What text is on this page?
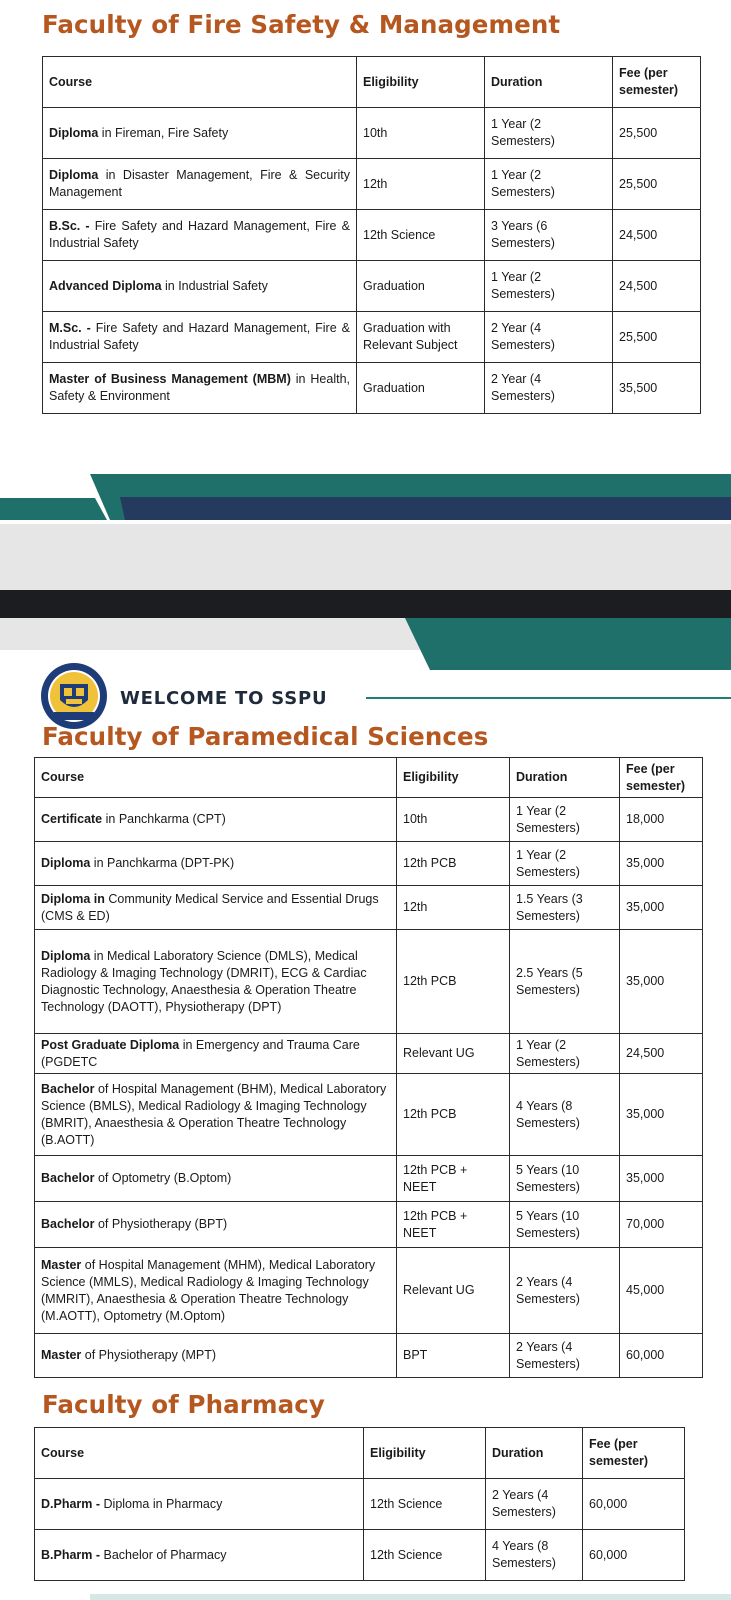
Faculty of Fire Safety & Management
Course	Eligibility	Duration	Fee (per semester)
Diploma in Fireman, Fire Safety	10th	1 Year (2 Semesters)	25,500
Diploma in Disaster Management, Fire & Security Management	12th	1 Year (2 Semesters)	25,500
B.Sc. - Fire Safety and Hazard Management, Fire & Industrial Safety	12th Science	3 Years (6 Semesters)	24,500
Advanced Diploma in Industrial Safety	Graduation	1 Year (2 Semesters)	24,500
M.Sc. - Fire Safety and Hazard Management, Fire & Industrial Safety	Graduation with Relevant Subject	2 Year (4 Semesters)	25,500
Master of Business Management (MBM) in Health, Safety & Environment	Graduation	2 Year (4 Semesters)	35,500
WELCOME TO SSPU
Faculty of Paramedical Sciences
Course	Eligibility	Duration	Fee (per semester)
Certificate in Panchkarma (CPT)	10th	1 Year (2 Semesters)	18,000
Diploma in Panchkarma (DPT-PK)	12th PCB	1 Year (2 Semesters)	35,000
Diploma in Community Medical Service and Essential Drugs (CMS & ED)	12th	1.5 Years (3 Semesters)	35,000
Diploma in Medical Laboratory Science (DMLS), Medical Radiology & Imaging Technology (DMRIT), ECG & Cardiac Diagnostic Technology, Anaesthesia & Operation Theatre Technology (DAOTT), Physiotherapy (DPT)	12th PCB	2.5 Years (5 Semesters)	35,000
Post Graduate Diploma in Emergency and Trauma Care (PGDETC	Relevant UG	1 Year (2 Semesters)	24,500
Bachelor of Hospital Management (BHM), Medical Laboratory Science (BMLS), Medical Radiology & Imaging Technology (BMRIT), Anaesthesia & Operation Theatre Technology (B.AOTT)	12th PCB	4 Years (8 Semesters)	35,000
Bachelor of Optometry (B.Optom)	12th PCB + NEET	5 Years (10 Semesters)	35,000
Bachelor of Physiotherapy (BPT)	12th PCB + NEET	5 Years (10 Semesters)	70,000
Master of Hospital Management (MHM), Medical Laboratory Science (MMLS), Medical Radiology & Imaging Technology (MMRIT), Anaesthesia & Operation Theatre Technology (M.AOTT), Optometry (M.Optom)	Relevant UG	2 Years (4 Semesters)	45,000
Master of Physiotherapy (MPT)	BPT	2 Years (4 Semesters)	60,000
Faculty of Pharmacy
Course	Eligibility	Duration	Fee (per semester)
D.Pharm - Diploma in Pharmacy	12th Science	2 Years (4 Semesters)	60,000
B.Pharm - Bachelor of Pharmacy	12th Science	4 Years (8 Semesters)	60,000
